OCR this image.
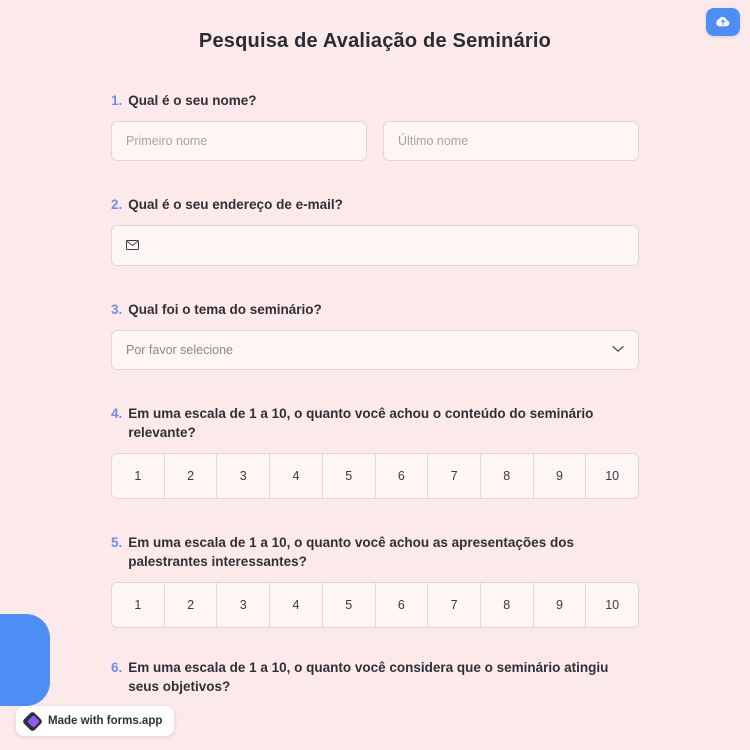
Pesquisa de Avaliação de Seminário
1. Qual é o seu nome?
Primeiro nome	Último nome
2. Qual é o seu endereço de e-mail?
3. Qual foi o tema do seminário?
Por favor selecione
4. Em uma escala de 1 a 10, o quanto você achou o conteúdo do seminário relevante?
1	2	3	4	5	6	7	8	9	10
5. Em uma escala de 1 a 10, o quanto você achou as apresentações dos palestrantes interessantes?
1	2	3	4	5	6	7	8	9	10
6. Em uma escala de 1 a 10, o quanto você considera que o seminário atingiu seus objetivos?
Made with forms.app
